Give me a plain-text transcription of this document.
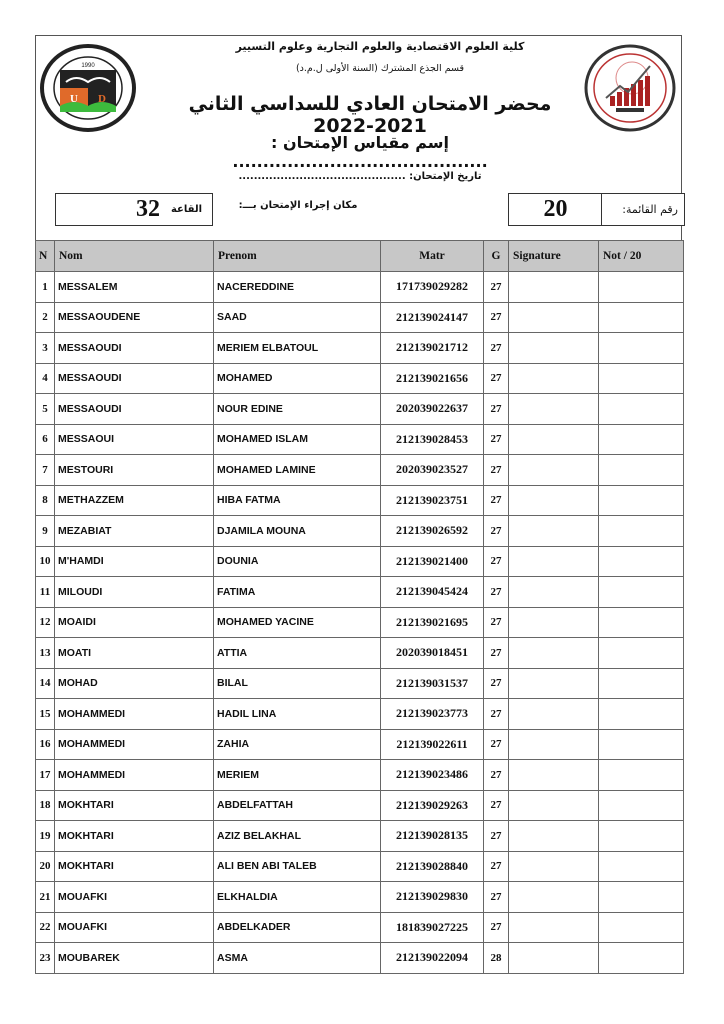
U D
1990
كلية العلوم الاقتصادية والعلوم التجارية وعلوم التسيير
قسم الجذع المشترك (السنة الأولى ل.م.د)
محضر الامتحان العادي للسداسي الثاني 2021-2022
إسم مقياس الإمتحان : ..........................................
تاريخ الإمتحان: ............................................
رقم القائمة:
20
مكان إجراء الإمتحان بـــ:
القاعة
32
N	Nom	Prenom	Matr	G	Signature	Not / 20
1	MESSALEM	NACEREDDINE	171739029282	27		
2	MESSAOUDENE	SAAD	212139024147	27		
3	MESSAOUDI	MERIEM ELBATOUL	212139021712	27		
4	MESSAOUDI	MOHAMED	212139021656	27		
5	MESSAOUDI	NOUR EDINE	202039022637	27		
6	MESSAOUI	MOHAMED ISLAM	212139028453	27		
7	MESTOURI	MOHAMED LAMINE	202039023527	27		
8	METHAZZEM	HIBA FATMA	212139023751	27		
9	MEZABIAT	DJAMILA MOUNA	212139026592	27		
10	M'HAMDI	DOUNIA	212139021400	27		
11	MILOUDI	FATIMA	212139045424	27		
12	MOAIDI	MOHAMED YACINE	212139021695	27		
13	MOATI	ATTIA	202039018451	27		
14	MOHAD	BILAL	212139031537	27		
15	MOHAMMEDI	HADIL LINA	212139023773	27		
16	MOHAMMEDI	ZAHIA	212139022611	27		
17	MOHAMMEDI	MERIEM	212139023486	27		
18	MOKHTARI	ABDELFATTAH	212139029263	27		
19	MOKHTARI	AZIZ BELAKHAL	212139028135	27		
20	MOKHTARI	ALI BEN ABI TALEB	212139028840	27		
21	MOUAFKI	ELKHALDIA	212139029830	27		
22	MOUAFKI	ABDELKADER	181839027225	27		
23	MOUBAREK	ASMA	212139022094	28		
